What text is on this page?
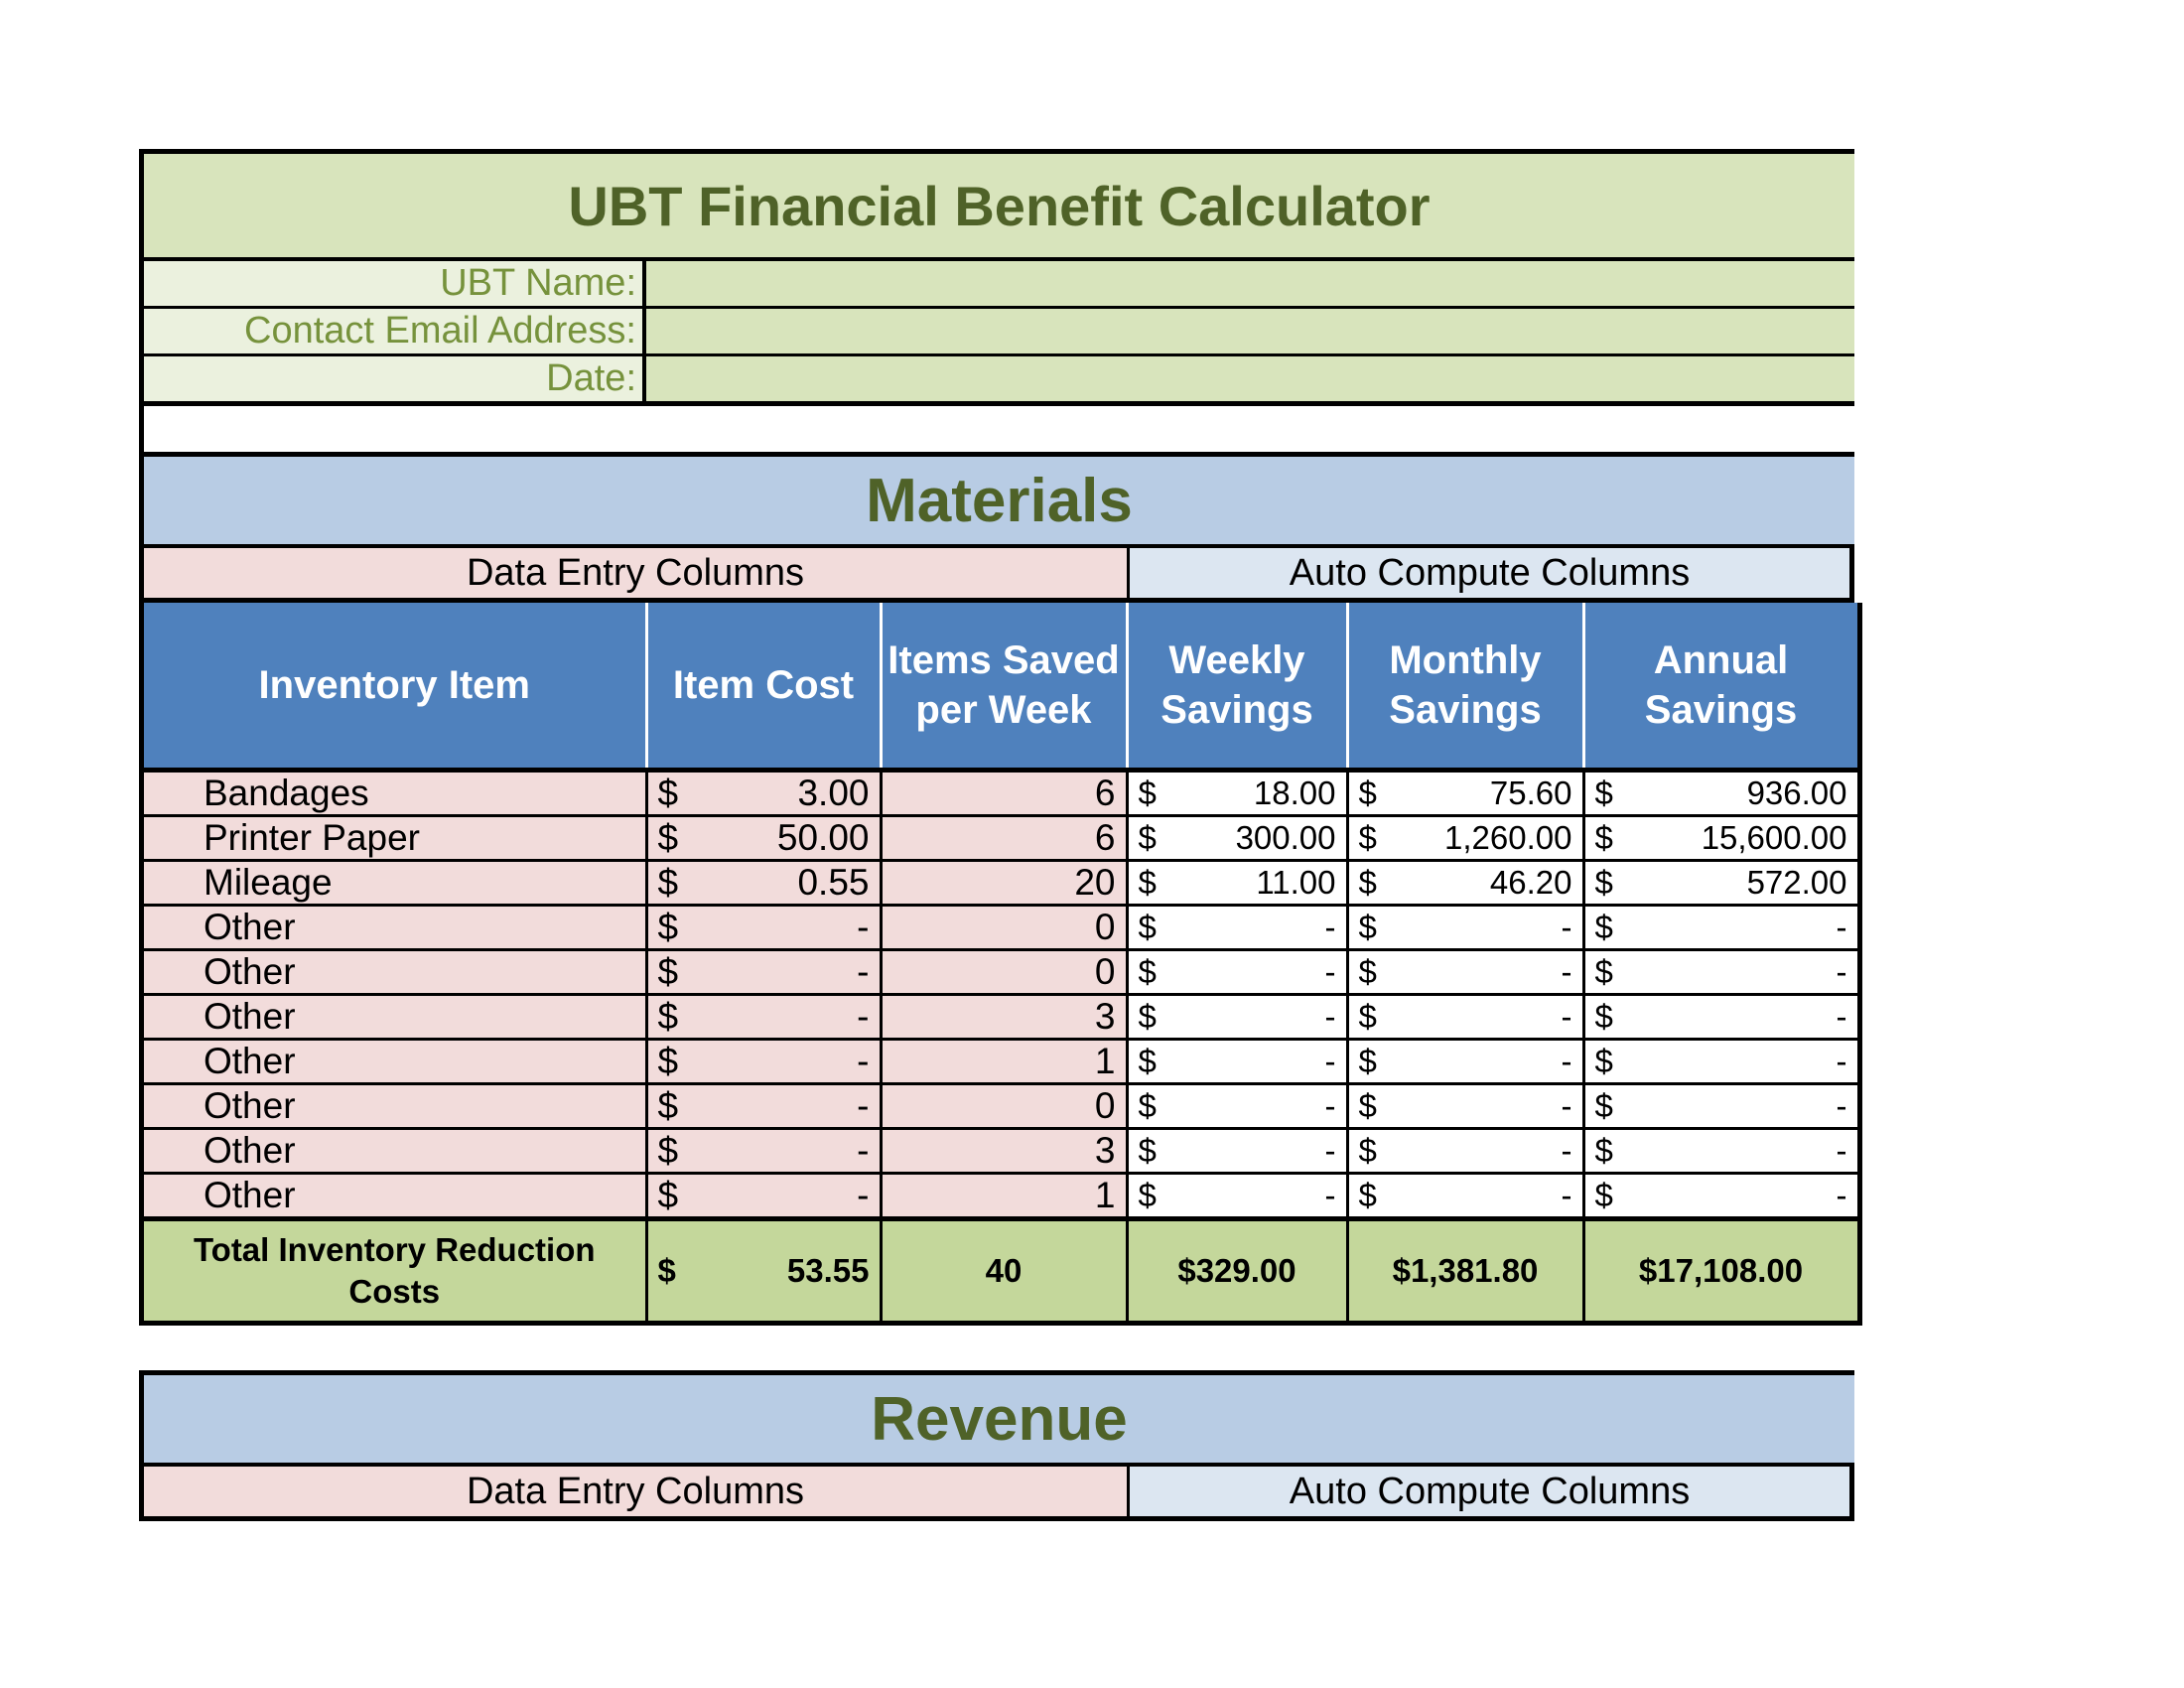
UBT Financial Benefit Calculator
UBT Name:
Contact Email Address:
Date:
Materials
Data Entry Columns	Auto Compute Columns
Inventory Item	Item Cost	Items Saved per Week	Weekly Savings	Monthly Savings	Annual Savings
Bandages	$ 3.00	6	$ 18.00	$ 75.60	$ 936.00

Printer Paper	$ 50.00	6	$ 300.00	$ 1,260.00	$ 15,600.00

Mileage	$ 0.55	20	$ 11.00	$ 46.20	$ 572.00

Other	$ -	0	$ -	$ -	$ -

Other	$ -	0	$ -	$ -	$ -

Other	$ -	3	$ -	$ -	$ -

Other	$ -	1	$ -	$ -	$ -

Other	$ -	0	$ -	$ -	$ -

Other	$ -	3	$ -	$ -	$ -

Other	$ -	1	$ -	$ -	$ -

Total Inventory Reduction Costs	$ 53.55	40	$329.00	$1,381.80	$17,108.00
Revenue
Data Entry Columns	Auto Compute Columns
